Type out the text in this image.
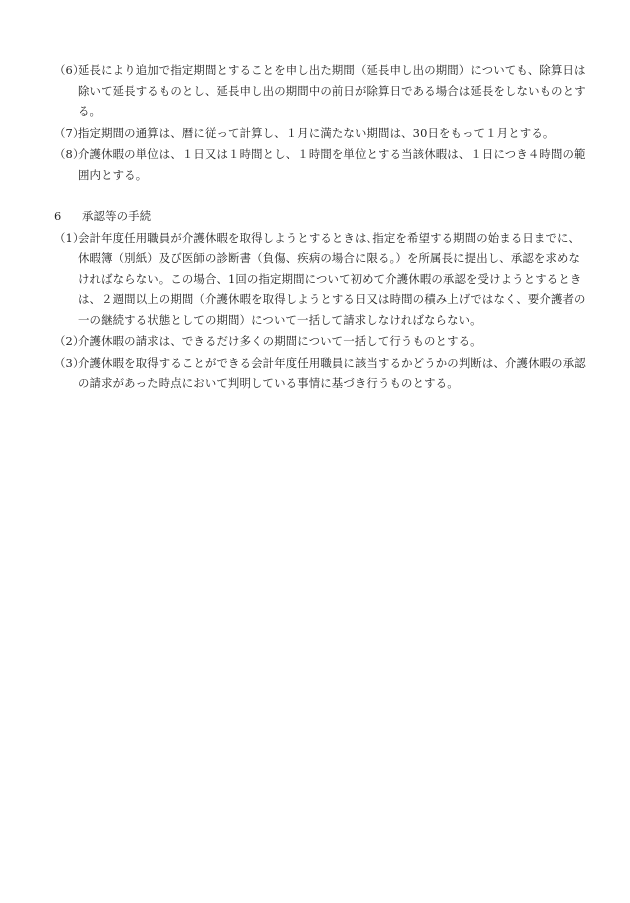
（6）延長により追加で指定期間とすることを申し出た期間（延長申し出の期間）についても、除算日は除いて延長するものとし、延長申し出の期間中の前日が除算日である場合は延長をしないものとする。

（7）指定期間の通算は、暦に従って計算し、１月に満たない期間は、30日をもって１月とする。

（8）介護休暇の単位は、１日又は１時間とし、１時間を単位とする当該休暇は、１日につき４時間の範囲内とする。

6 承認等の手続

（1）会計年度任用職員が介護休暇を取得しようとするときは､指定を希望する期間の始まる日までに、休暇簿（別紙）及び医師の診断書（負傷、疾病の場合に限る。）を所属長に提出し、承認を求めなければならない。この場合、1回の指定期間について初めて介護休暇の承認を受けようとするときは、２週間以上の期間（介護休暇を取得しようとする日又は時間の積み上げではなく、要介護者の一の継続する状態としての期間）について一括して請求しなければならない。

（2）介護休暇の請求は、できるだけ多くの期間について一括して行うものとする。

（3）介護休暇を取得することができる会計年度任用職員に該当するかどうかの判断は、介護休暇の承認の請求があった時点において判明している事情に基づき行うものとする。
